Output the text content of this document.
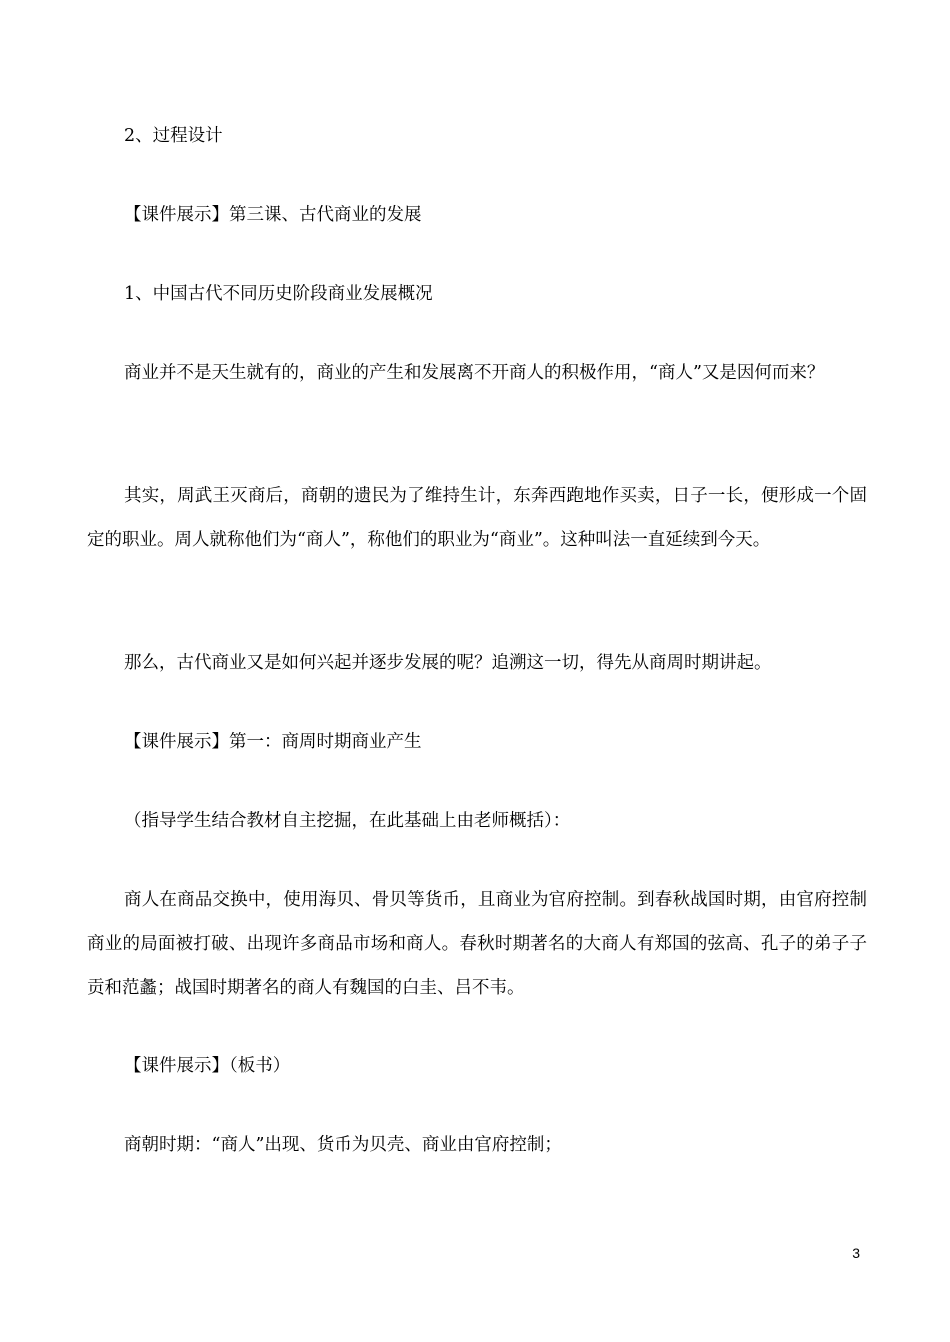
2、过程设计

【课件展示】第三课、古代商业的发展

1、中国古代不同历史阶段商业发展概况

商业并不是天生就有的，商业的产生和发展离不开商人的积极作用，“商人”又是因何而来？

其实，周武王灭商后，商朝的遗民为了维持生计，东奔西跑地作买卖，日子一长，便形成一个固定的职业。周人就称他们为“商人”，称他们的职业为“商业”。这种叫法一直延续到今天。

那么，古代商业又是如何兴起并逐步发展的呢？追溯这一切，得先从商周时期讲起。

【课件展示】第一：商周时期商业产生

（指导学生结合教材自主挖掘，在此基础上由老师概括）：

商人在商品交换中，使用海贝、骨贝等货币，且商业为官府控制。到春秋战国时期，由官府控制商业的局面被打破、出现许多商品市场和商人。春秋时期著名的大商人有郑国的弦高、孔子的弟子子贡和范蠡；战国时期著名的商人有魏国的白圭、吕不韦。

【课件展示】（板书）

商朝时期：“商人”出现、货币为贝壳、商业由官府控制；

3
